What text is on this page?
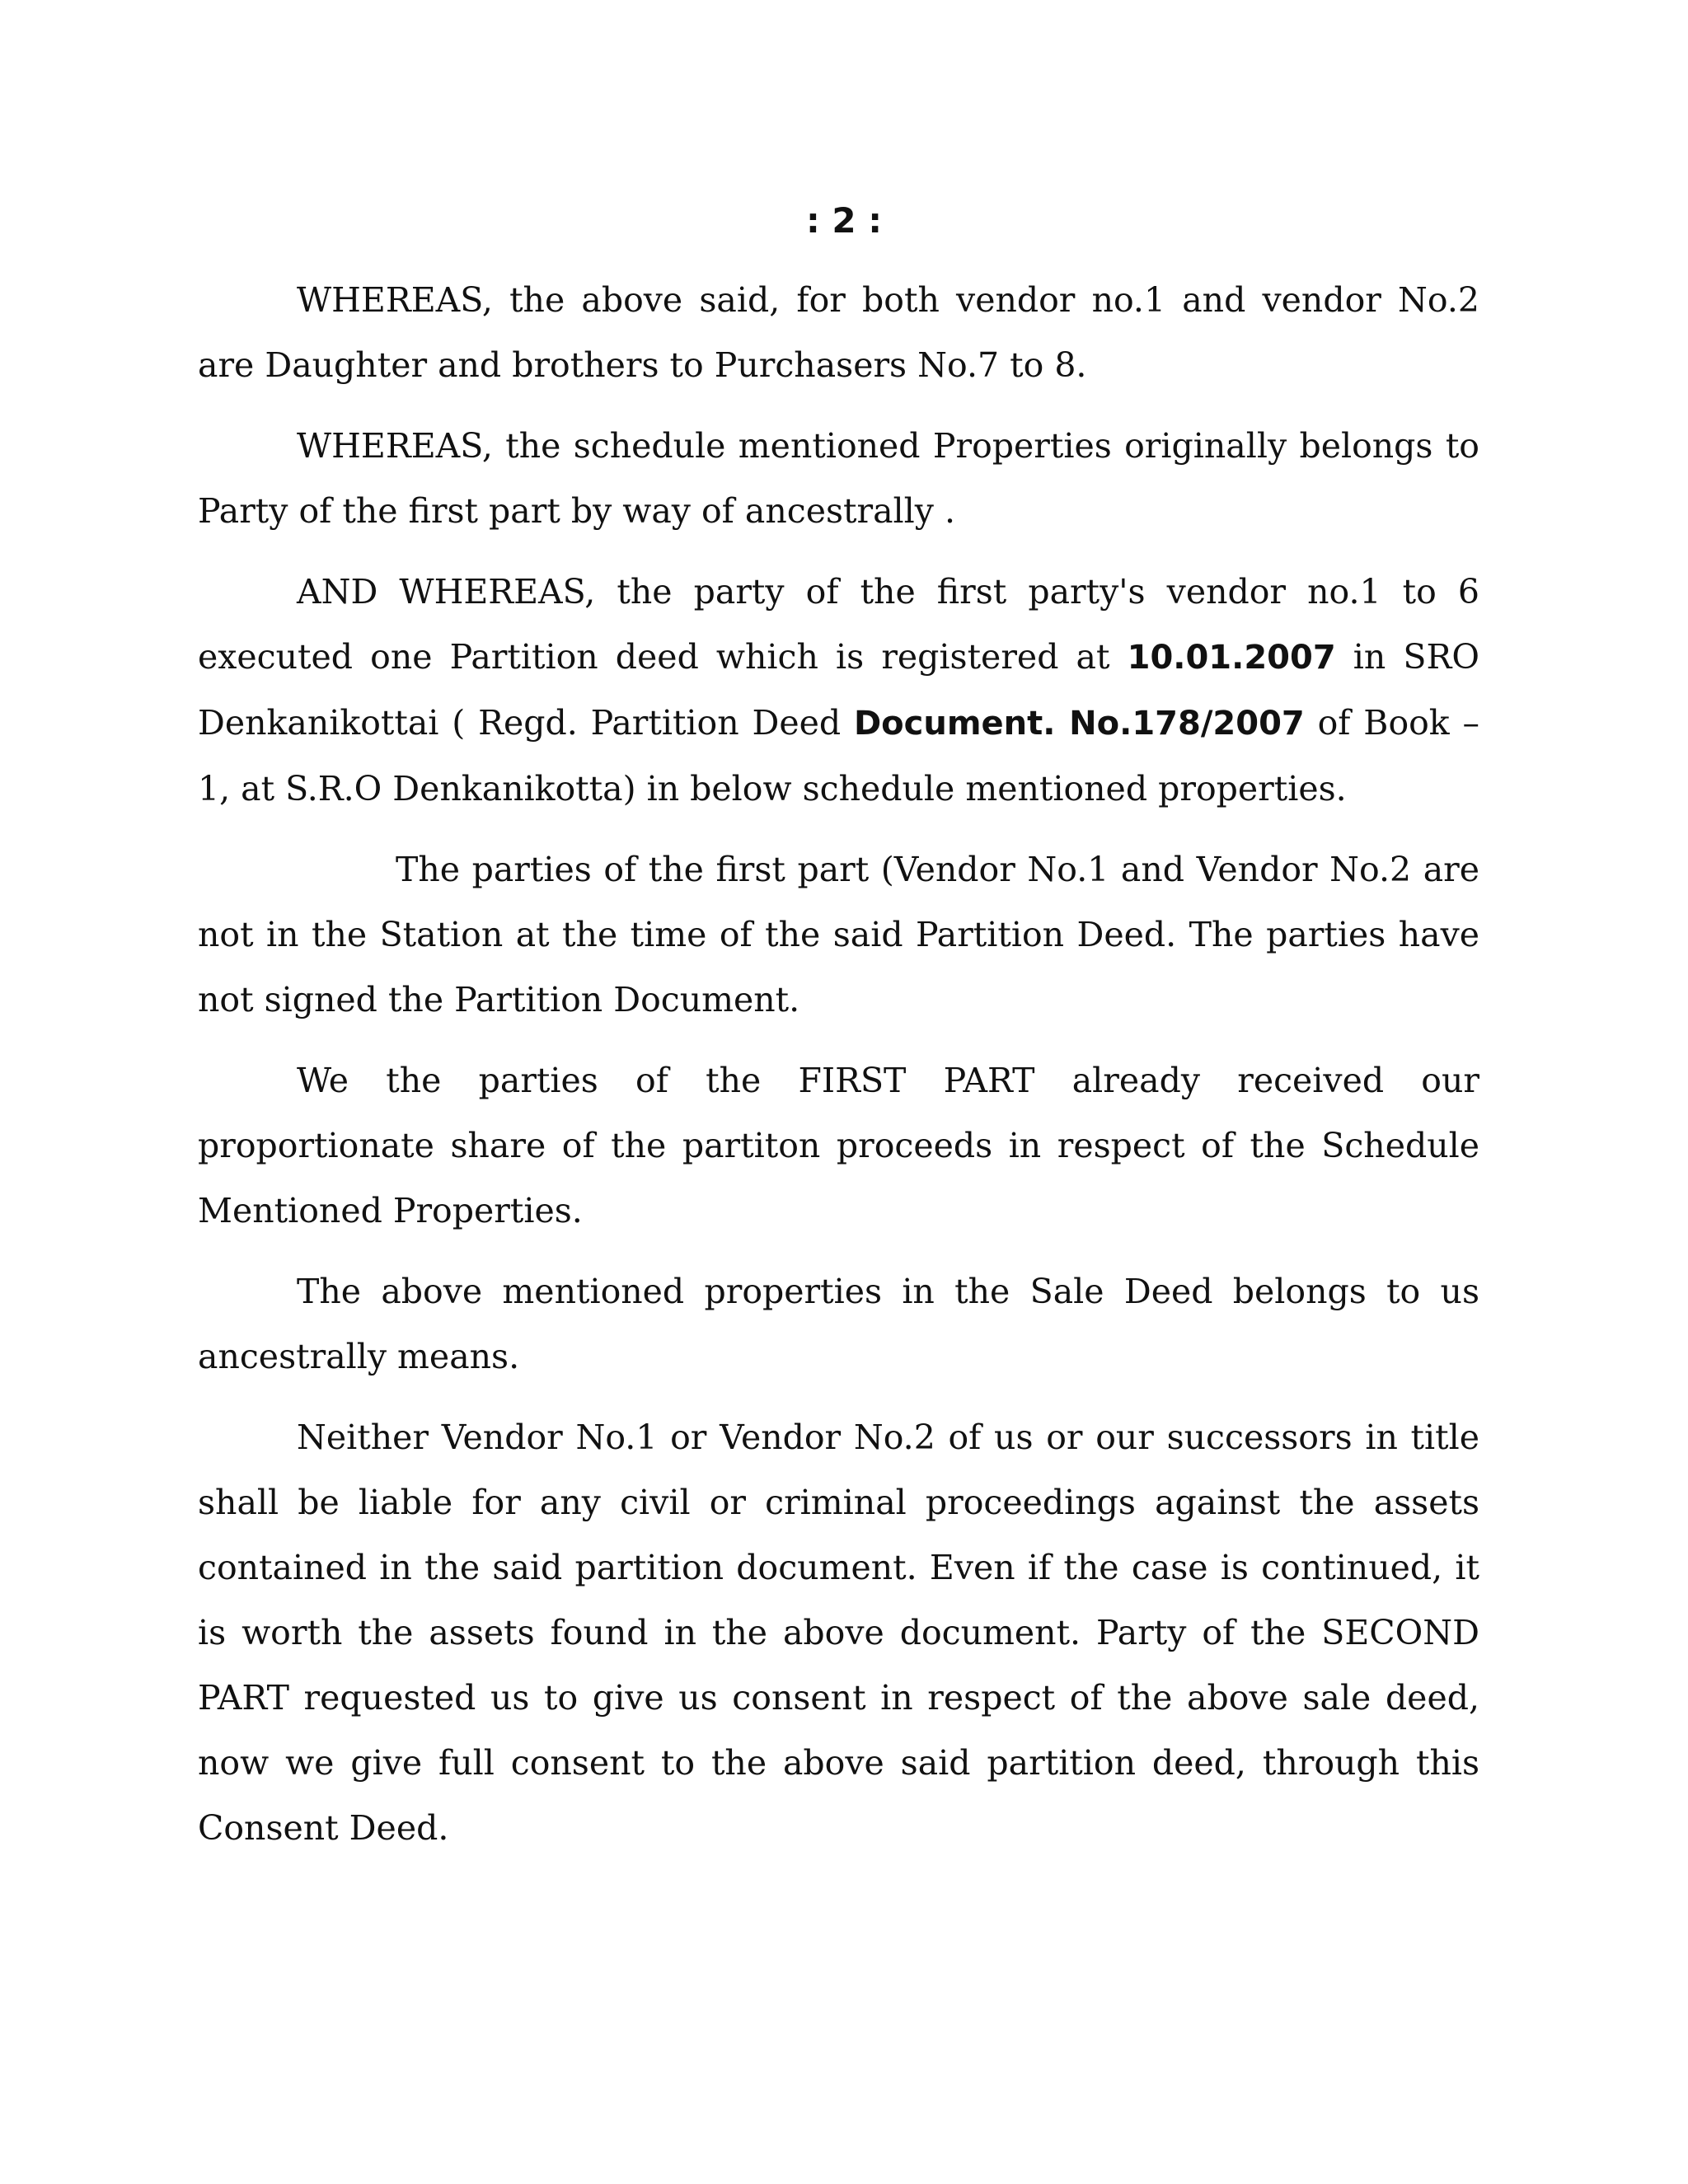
: 2 :

WHEREAS, the above said, for both vendor no.1 and vendor No.2 are Daughter and brothers to Purchasers No.7 to 8.

WHEREAS, the schedule mentioned Properties originally belongs to Party of the first part by way of ancestrally .

AND WHEREAS, the party of the first party's vendor no.1 to 6 executed one Partition deed which is registered at 10.01.2007 in SRO Denkanikottai ( Regd. Partition Deed Document. No.178/2007 of Book – 1, at S.R.O Denkanikotta) in below schedule mentioned properties.

The parties of the first part (Vendor No.1 and Vendor No.2 are not in the Station at the time of the said Partition Deed. The parties have not signed the Partition Document.

We the parties of the FIRST PART already received our proportionate share of the partiton proceeds in respect of the Schedule Mentioned Properties.

The above mentioned properties in the Sale Deed belongs to us ancestrally means.

Neither Vendor No.1 or Vendor No.2 of us or our successors in title shall be liable for any civil or criminal proceedings against the assets contained in the said partition document. Even if the case is continued, it is worth the assets found in the above document. Party of the SECOND PART requested us to give us consent in respect of the above sale deed, now we give full consent to the above said partition deed, through this Consent Deed.
